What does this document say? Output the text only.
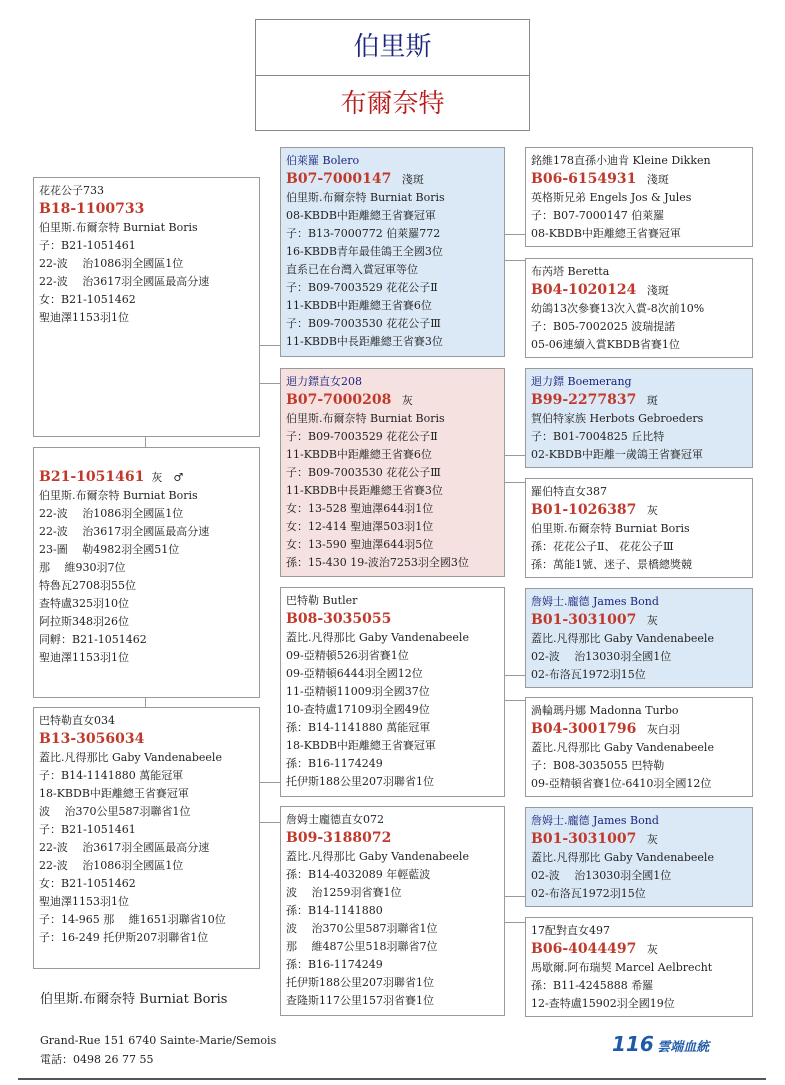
伯里斯
布爾奈特
花花公子733
B18-1100733
伯里斯.布爾奈特 Burniat Boris
子：B21-1051461
22-波　 治1086羽全國區1位
22-波　 治3617羽全國區最高分速
女：B21-1051462
聖迪澤1153羽1位
B21-1051461 灰　♂
伯里斯.布爾奈特 Burniat Boris
22-波　 治1086羽全國區1位
22-波　 治3617羽全國區最高分速
23-圖　 勒4982羽全國51位
那　 維930羽7位
特魯瓦2708羽55位
查特盧325羽10位
阿拉斯348羽26位
同孵：B21-1051462
聖迪澤1153羽1位
巴特勒直女034
B13-3056034
蓋比.凡得那比 Gaby Vandenabeele
子：B14-1141880 萬能冠軍
18-KBDB中距離總王省賽冠軍
波　 治370公里587羽聯省1位
子：B21-1051461
22-波　 治3617羽全國區最高分速
22-波　 治1086羽全國區1位
女：B21-1051462
聖迪澤1153羽1位
子：14-965 那　 維1651羽聯省10位
子：16-249 托伊斯207羽聯省1位
伯萊羅 Bolero
B07-7000147 淺斑
伯里斯.布爾奈特 Burniat Boris
08-KBDB中距離總王省賽冠軍
子：B13-7000772 伯萊羅772
16-KBDB青年最佳鴿王全國3位
直系已在台灣入賞冠軍等位
子：B09-7003529 花花公子Ⅱ
11-KBDB中距離總王省賽6位
子：B09-7003530 花花公子Ⅲ
11-KBDB中長距離總王省賽3位
迴力鏢直女208
B07-7000208 灰
伯里斯.布爾奈特 Burniat Boris
子：B09-7003529 花花公子Ⅱ
11-KBDB中距離總王省賽6位
子：B09-7003530 花花公子Ⅲ
11-KBDB中長距離總王省賽3位
女：13-528 聖迪澤644羽1位
女：12-414 聖迪澤503羽1位
女：13-590 聖迪澤644羽5位
孫：15-430 19-波治7253羽全國3位
巴特勒 Butler
B08-3035055
蓋比.凡得那比 Gaby Vandenabeele
09-亞精頓526羽省賽1位
09-亞精頓6444羽全國12位
11-亞精頓11009羽全國37位
10-查特盧17109羽全國49位
孫：B14-1141880 萬能冠軍
18-KBDB中距離總王省賽冠軍
孫：B16-1174249
托伊斯188公里207羽聯省1位
詹姆士龐德直女072
B09-3188072
蓋比.凡得那比 Gaby Vandenabeele
孫：B14-4032089 年輕藍波
波　 治1259羽省賽1位
孫：B14-1141880
波　 治370公里587羽聯省1位
那　 維487公里518羽聯省7位
孫：B16-1174249
托伊斯188公里207羽聯省1位
查隆斯117公里157羽省賽1位
銘維178直孫小迪肯 Kleine Dikken
B06-6154931 淺斑
英格斯兄弟 Engels Jos & Jules
子：B07-7000147 伯萊羅
08-KBDB中距離總王省賽冠軍
布芮塔 Beretta
B04-1020124 淺斑
幼鴿13次參賽13次入賞-8次前10%
子：B05-7002025 波瑞提諾
05-06連續入賞KBDB省賽1位
迴力鏢 Boemerang
B99-2277837 斑
賀伯特家族 Herbots Gebroeders
子：B01-7004825 丘比特
02-KBDB中距離一歲鴿王省賽冠軍
羅伯特直女387
B01-1026387 灰
伯里斯.布爾奈特 Burniat Boris
孫：花花公子Ⅱ、 花花公子Ⅲ
孫：萬能1號、迷子、景橋總獎競
詹姆士.龐德 James Bond
B01-3031007 灰
蓋比.凡得那比 Gaby Vandenabeele
02-波　 治13030羽全國1位
02-布洛瓦1972羽15位
渦輪瑪丹娜 Madonna Turbo
B04-3001796 灰白羽
蓋比.凡得那比 Gaby Vandenabeele
子：B08-3035055 巴特勒
09-亞精頓省賽1位-6410羽全國12位
詹姆士.龐德 James Bond
B01-3031007 灰
蓋比.凡得那比 Gaby Vandenabeele
02-波　 治13030羽全國1位
02-布洛瓦1972羽15位
17配對直女497
B06-4044497 灰
馬歇爾.阿布瑞契 Marcel Aelbrecht
孫：B11-4245888 希羅
12-查特盧15902羽全國19位
伯里斯.布爾奈特 Burniat Boris
Grand-Rue 151 6740 Sainte-Marie/Semois
電話：0498 26 77 55
116 雲端血統
